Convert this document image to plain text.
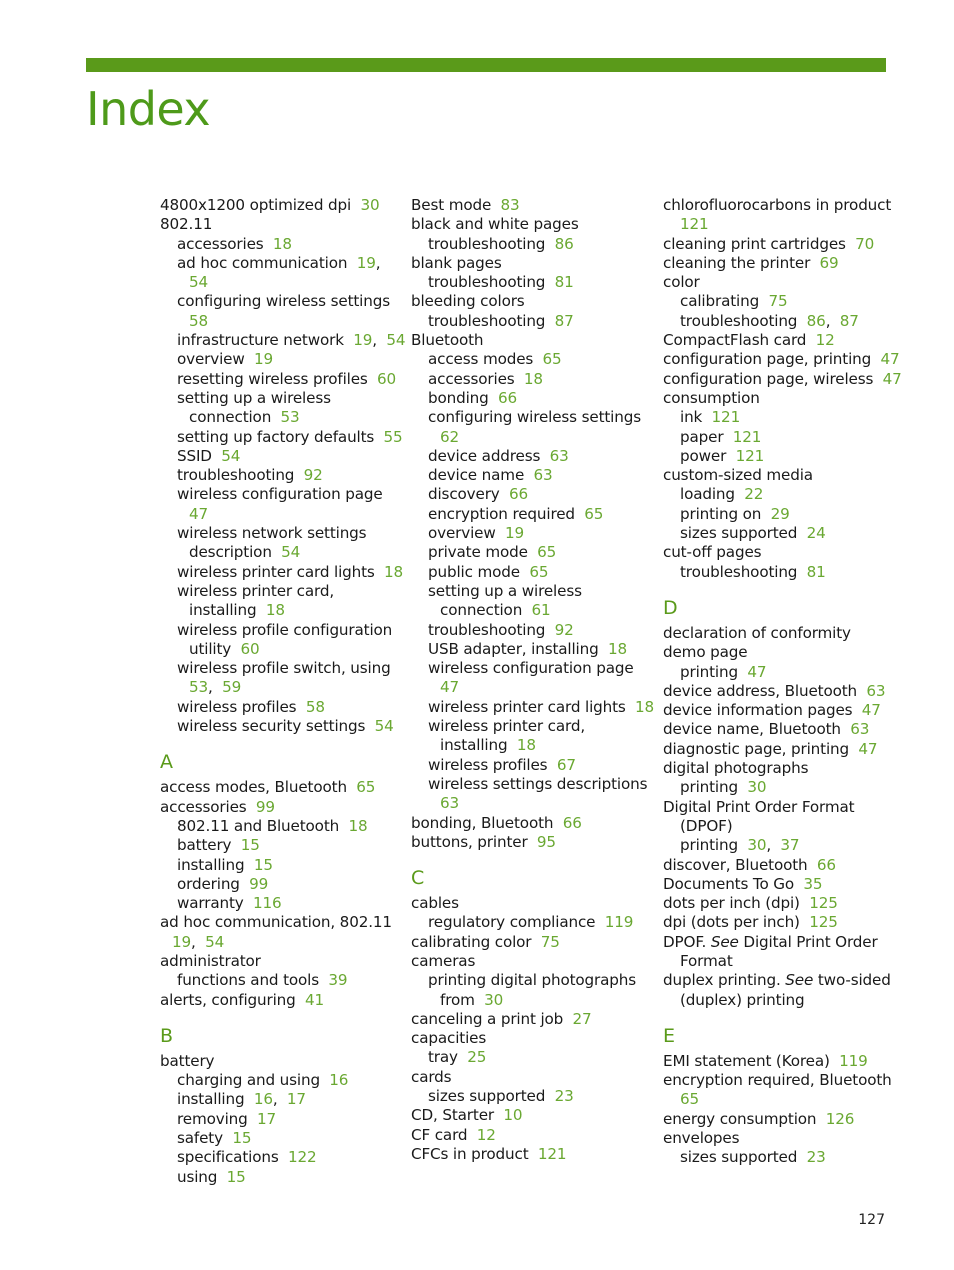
Index
4800x1200 optimized dpi  30
802.11
accessories  18
ad hoc communication  19,
54
configuring wireless settings
58
infrastructure network  19,  54
overview  19
resetting wireless profiles  60
setting up a wireless
connection  53
setting up factory defaults  55
SSID  54
troubleshooting  92
wireless configuration page
47
wireless network settings
description  54
wireless printer card lights  18
wireless printer card,
installing  18
wireless profile configuration
utility  60
wireless profile switch, using
53,  59
wireless profiles  58
wireless security settings  54
A
access modes, Bluetooth  65
accessories  99
802.11 and Bluetooth  18
battery  15
installing  15
ordering  99
warranty  116
ad hoc communication, 802.11
19,  54
administrator
functions and tools  39
alerts, configuring  41
B
battery
charging and using  16
installing  16,  17
removing  17
safety  15
specifications  122
using  15
Best mode  83
black and white pages
troubleshooting  86
blank pages
troubleshooting  81
bleeding colors
troubleshooting  87
Bluetooth
access modes  65
accessories  18
bonding  66
configuring wireless settings
62
device address  63
device name  63
discovery  66
encryption required  65
overview  19
private mode  65
public mode  65
setting up a wireless
connection  61
troubleshooting  92
USB adapter, installing  18
wireless configuration page
47
wireless printer card lights  18
wireless printer card,
installing  18
wireless profiles  67
wireless settings descriptions
63
bonding, Bluetooth  66
buttons, printer  95
C
cables
regulatory compliance  119
calibrating color  75
cameras
printing digital photographs
from  30
canceling a print job  27
capacities
tray  25
cards
sizes supported  23
CD, Starter  10
CF card  12
CFCs in product  121
chlorofluorocarbons in product
121
cleaning print cartridges  70
cleaning the printer  69
color
calibrating  75
troubleshooting  86,  87
CompactFlash card  12
configuration page, printing  47
configuration page, wireless  47
consumption
ink  121
paper  121
power  121
custom-sized media
loading  22
printing on  29
sizes supported  24
cut-off pages
troubleshooting  81
D
declaration of conformity
demo page
printing  47
device address, Bluetooth  63
device information pages  47
device name, Bluetooth  63
diagnostic page, printing  47
digital photographs
printing  30
Digital Print Order Format
(DPOF)
printing  30,  37
discover, Bluetooth  66
Documents To Go  35
dots per inch (dpi)  125
dpi (dots per inch)  125
DPOF. See Digital Print Order
Format
duplex printing. See two-sided
(duplex) printing
E
EMI statement (Korea)  119
encryption required, Bluetooth
65
energy consumption  126
envelopes
sizes supported  23
127
